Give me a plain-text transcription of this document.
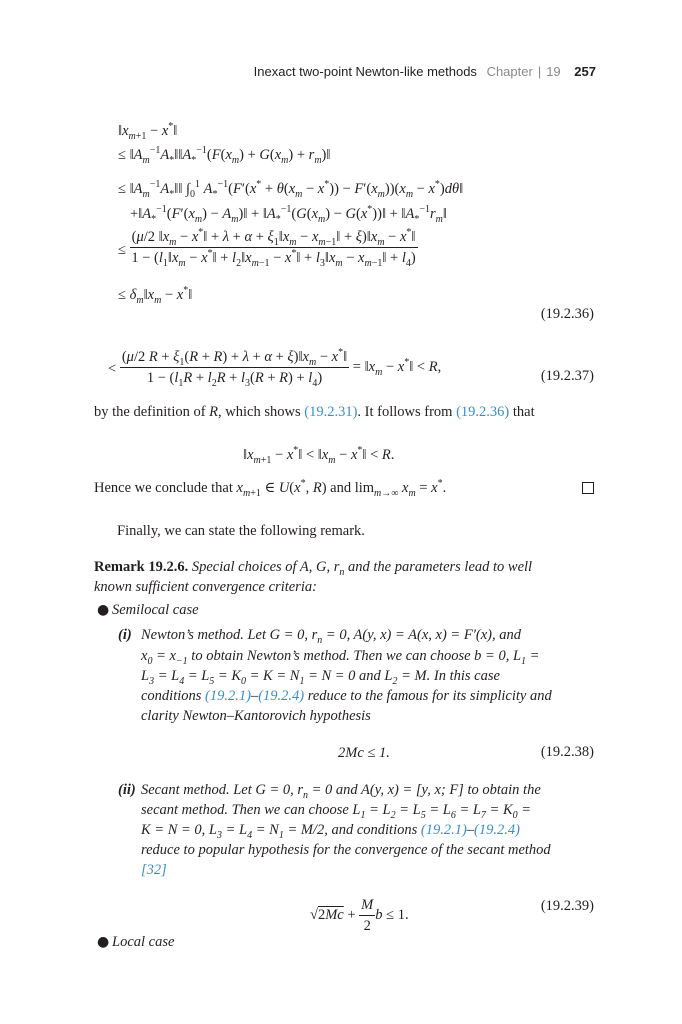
Inexact two-point Newton-like methods Chapter | 19 257
$‖x_{m+1}$ − x*‖
≤ $‖A_m^{-1}A_*‖‖A_*^{-1}(F(x_m) + G(x_m)$ + $r_m)‖$
≤ $‖A_m^{-1}A_*‖‖$ $\int_0^1$ $A_*^{-1}(F'(x^* + \theta(x_m - x^*)) - F'(x_m))(x_m$ − x*)dθ‖
$+‖A_*^{-1}(F'(x_m)$ − $A_m)‖$ + $‖A_*^{-1}(G(x_m)$ − G(x*))‖ + $‖A_*^{-1}r_m‖$
≤ $\frac{(\mu/2 ‖x_m - x^*‖ + \lambda + \alpha + \xi_1‖x_m - x_{m-1}‖ + \xi)‖x_m - x^*‖}{1 - (l_1‖x_m - x^*‖ + l_2‖x_{m-1} - x^*‖ + l_3‖x_m - x_{m-1}‖ + l_4)}$
≤ $\delta_m‖x_m$ − x*‖
(19.2.36)
< $\frac{(\mu/2 R + \xi_1(R + R) + \lambda + \alpha + \xi)‖x_m - x^*‖}{1 - (l_1R + l_2R + l_3(R + R) + l_4)}$ = $‖x_m$ − x*‖ < R,
(19.2.37)
by the definition of R, which shows (19.2.31). It follows from (19.2.36) that
$‖x_{m+1}$ − x*‖ < $‖x_m$ − x*‖ < R.
Hence we conclude that $x_{m+1}$ ∈ U(x*, R) and $\lim_{m\to\infty} x_m = x^*$.
Finally, we can state the following remark.
Remark 19.2.6. Special choices of A, G, $r_n$ and the parameters lead to well
known sufficient convergence criteria:
● Semilocal case
(i) Newton’s method. Let G = 0, $r_n = 0$, A(y, x) = A(x, x) = F′(x), and
$x_0 = x_{-1}$ to obtain Newton’s method. Then we can choose b = 0, $L_1$ =
$L_3 = L_4 = L_5 = K_0 = K = N_1 = N = 0$ and $L_2 = M$. In this case
conditions (19.2.1)–(19.2.4) reduce to the famous for its simplicity and
clarity Newton–Kantorovich hypothesis
2Mc ≤ 1.	(19.2.38)
(ii) Secant method. Let G = 0, $r_n = 0$ and A(y, x) = [y, x; F] to obtain the
secant method. Then we can choose $L_1 = L_2 = L_5 = L_6 = L_7 = K_0$ =
K = N = 0, $L_3 = L_4 = N_1 = M/2$, and conditions (19.2.1)–(19.2.4)
reduce to popular hypothesis for the convergence of the secant method
[32]
$√2Mc + \frac{M}{2}$ b ≤ 1.
(19.2.39)
● Local case
